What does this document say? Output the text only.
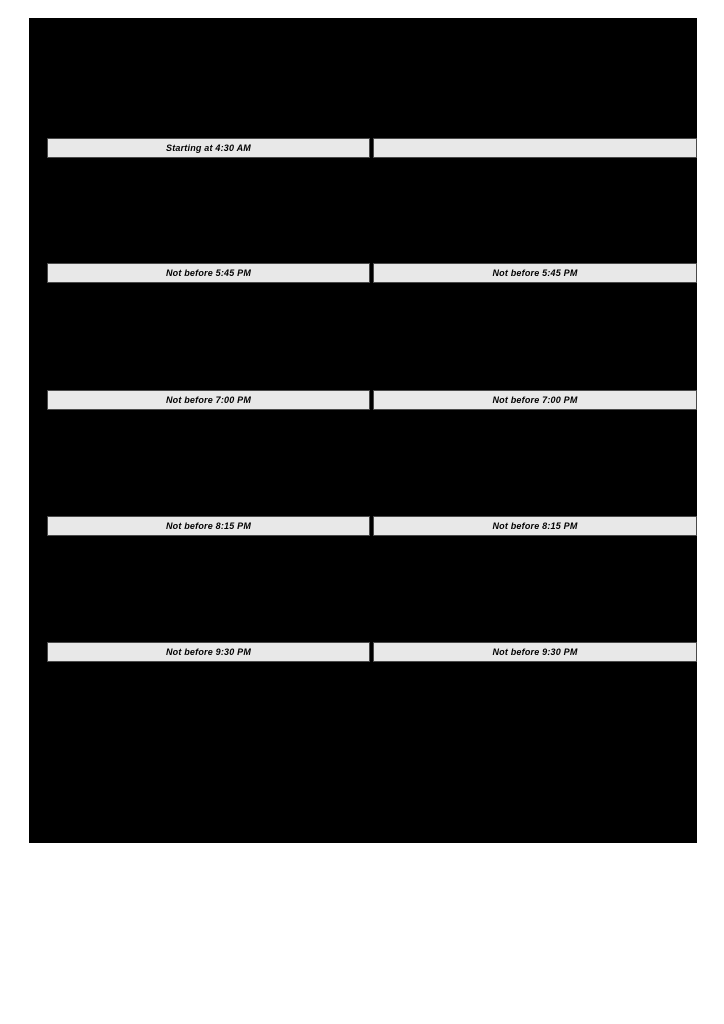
Starting at 4:30 AM
Not before 5:45 PM	Not before 5:45 PM
Not before 7:00 PM	Not before 7:00 PM
Not before 8:15 PM	Not before 8:15 PM
Not before 9:30 PM	Not before 9:30 PM
